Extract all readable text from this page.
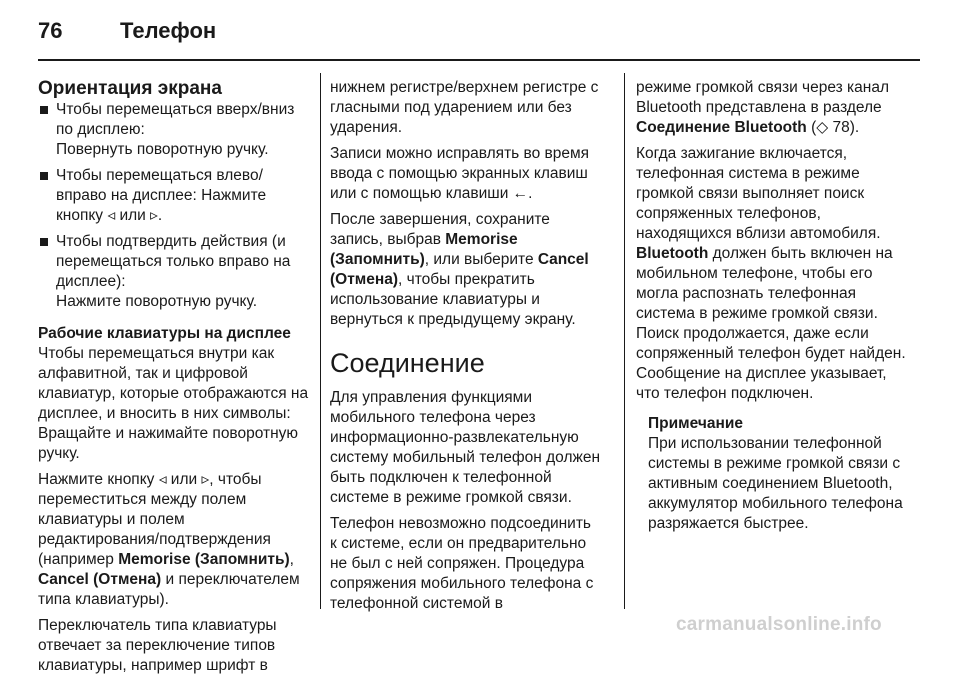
76	Телефон
Ориентация экрана
Чтобы перемещаться вверх/вниз по дисплею:
Повернуть поворотную ручку.
Чтобы перемещаться влево/вправо на дисплее: Нажмите кнопку ◃ или ▹.
Чтобы подтвердить действия (и перемещаться только вправо на дисплее):
Нажмите поворотную ручку.
Рабочие клавиатуры на дисплее

Чтобы перемещаться внутри как алфавитной, так и цифровой клавиатур, которые отображаются на дисплее, и вносить в них символы: Вращайте и нажимайте поворотную ручку.

Нажмите кнопку ◃ или ▹, чтобы переместиться между полем клавиатуры и полем редактирования/подтверждения (например Memorise (Запомнить), Cancel (Отмена) и переключателем типа клавиатуры).

Переключатель типа клавиатуры отвечает за переключение типов клавиатуры, например шрифт в

нижнем регистре/верхнем регистре с гласными под ударением или без ударения.

Записи можно исправлять во время ввода с помощью экранных клавиш или с помощью клавиши ←.

После завершения, сохраните запись, выбрав Memorise (Запомнить), или выберите Cancel (Отмена), чтобы прекратить использование клавиатуры и вернуться к предыдущему экрану.

Соединение

Для управления функциями мобильного телефона через информационно-развлекательную систему мобильный телефон должен быть подключен к телефонной системе в режиме громкой связи.

Телефон невозможно подсоединить к системе, если он предварительно не был с ней сопряжен. Процедура сопряжения мобильного телефона с телефонной системой в

режиме громкой связи через канал Bluetooth представлена в разделе Соединение Bluetooth (◇ 78).

Когда зажигание включается, телефонная система в режиме громкой связи выполняет поиск сопряженных телефонов, находящихся вблизи автомобиля. Bluetooth должен быть включен на мобильном телефоне, чтобы его могла распознать телефонная система в режиме громкой связи. Поиск продолжается, даже если сопряженный телефон будет найден. Сообщение на дисплее указывает, что телефон подключен.

Примечание
При использовании телефонной системы в режиме громкой связи с активным соединением Bluetooth, аккумулятор мобильного телефона разряжается быстрее.
carmanualsonline.info
